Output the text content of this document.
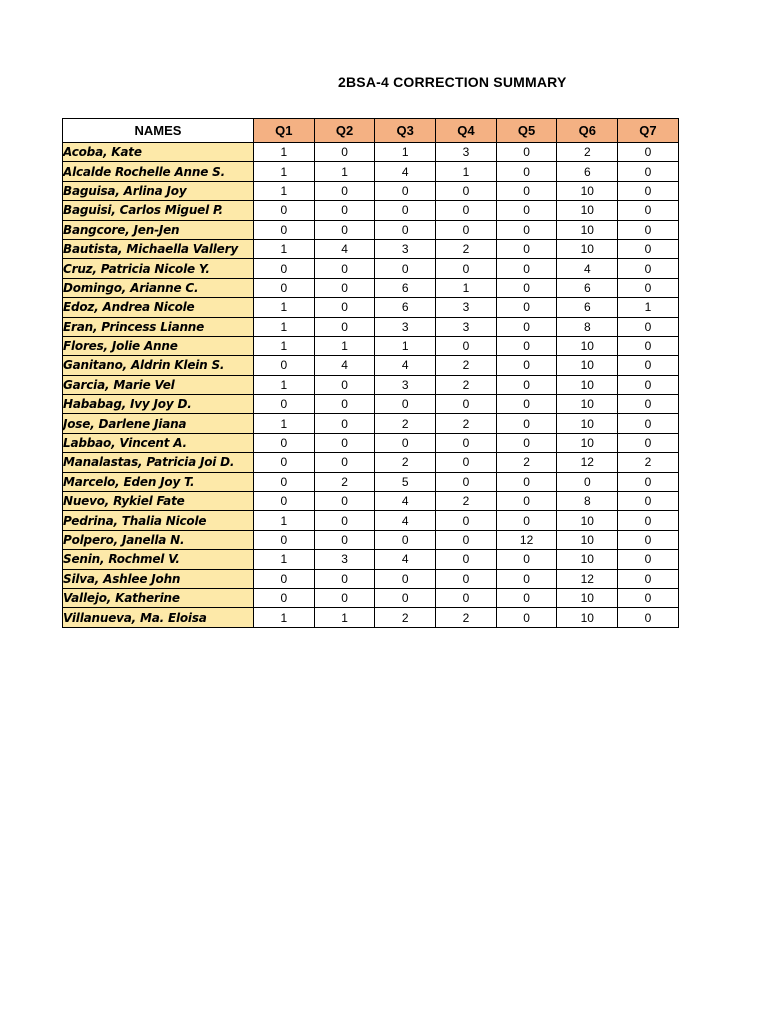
2BSA-4 CORRECTION SUMMARY
NAMES	Q1	Q2	Q3	Q4	Q5	Q6	Q7
Acoba, Kate	1	0	1	3	0	2	0
Alcalde Rochelle Anne S.	1	1	4	1	0	6	0
Baguisa, Arlina Joy	1	0	0	0	0	10	0
Baguisi, Carlos Miguel P.	0	0	0	0	0	10	0
Bangcore, Jen-Jen	0	0	0	0	0	10	0
Bautista, Michaella Vallery	1	4	3	2	0	10	0
Cruz, Patricia Nicole Y.	0	0	0	0	0	4	0
Domingo, Arianne C.	0	0	6	1	0	6	0
Edoz, Andrea Nicole	1	0	6	3	0	6	1
Eran, Princess Lianne	1	0	3	3	0	8	0
Flores, Jolie Anne	1	1	1	0	0	10	0
Ganitano, Aldrin Klein S.	0	4	4	2	0	10	0
Garcia, Marie Vel	1	0	3	2	0	10	0
Hababag, Ivy Joy D.	0	0	0	0	0	10	0
Jose, Darlene Jiana	1	0	2	2	0	10	0
Labbao, Vincent A.	0	0	0	0	0	10	0
Manalastas, Patricia Joi D.	0	0	2	0	2	12	2
Marcelo, Eden Joy T.	0	2	5	0	0	0	0
Nuevo, Rykiel Fate	0	0	4	2	0	8	0
Pedrina, Thalia Nicole	1	0	4	0	0	10	0
Polpero, Janella N.	0	0	0	0	12	10	0
Senin, Rochmel V.	1	3	4	0	0	10	0
Silva, Ashlee John	0	0	0	0	0	12	0
Vallejo, Katherine	0	0	0	0	0	10	0
Villanueva, Ma. Eloisa	1	1	2	2	0	10	0
